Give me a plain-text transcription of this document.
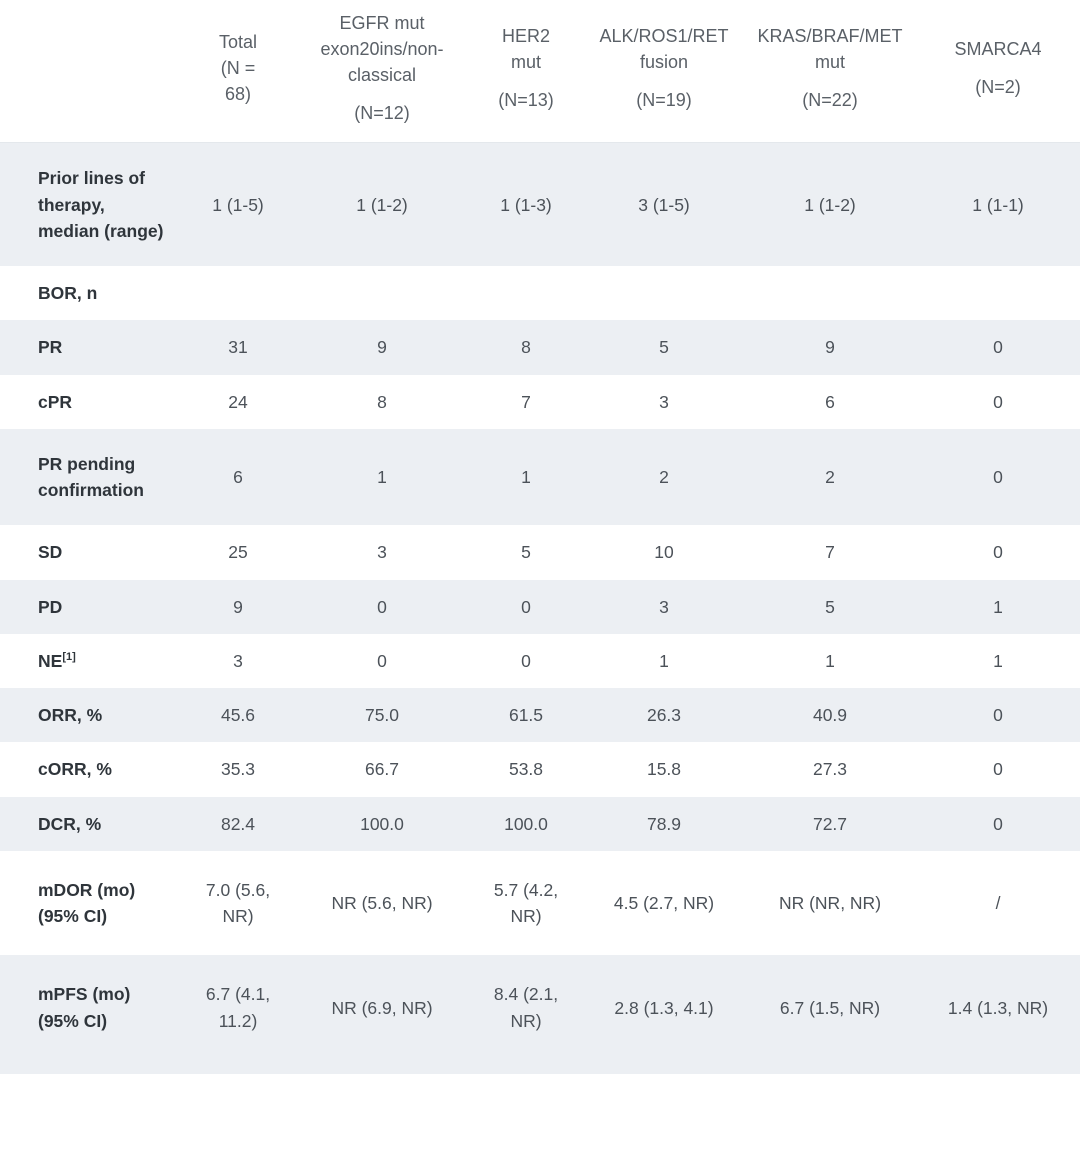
	Total
(N =
68)	EGFR mut
exon20ins/non-
classical
(N=12)	HER2
mut
(N=13)	ALK/ROS1/RET
fusion
(N=19)	KRAS/BRAF/MET
mut
(N=22)	SMARCA4
(N=2)

Prior lines of therapy, median (range)	1 (1-5)	1 (1-2)	1 (1-3)	3 (1-5)	1 (1-2)	1 (1-1)
BOR, n						
PR	31	9	8	5	9	0
cPR	24	8	7	3	6	0
PR pending confirmation	6	1	1	2	2	0
SD	25	3	5	10	7	0
PD	9	0	0	3	5	1
NE[1]	3	0	0	1	1	1
ORR, %	45.6	75.0	61.5	26.3	40.9	0
cORR, %	35.3	66.7	53.8	15.8	27.3	0
DCR, %	82.4	100.0	100.0	78.9	72.7	0
mDOR (mo) (95% CI)	7.0 (5.6, NR)	NR (5.6, NR)	5.7 (4.2, NR)	4.5 (2.7, NR)	NR (NR, NR)	/
mPFS (mo) (95% CI)	6.7 (4.1, 11.2)	NR (6.9, NR)	8.4 (2.1, NR)	2.8 (1.3, 4.1)	6.7 (1.5, NR)	1.4 (1.3, NR)
